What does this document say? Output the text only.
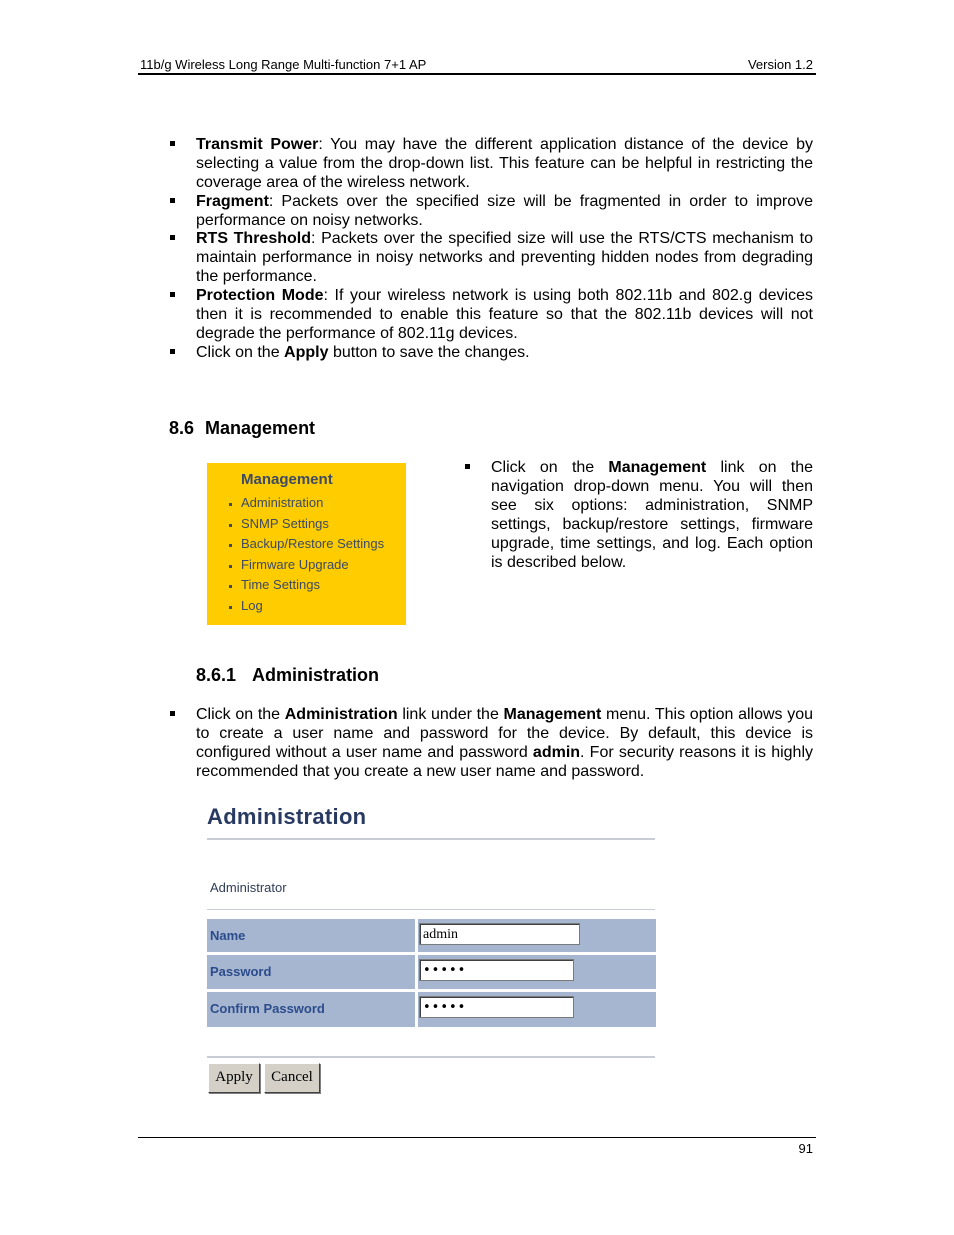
11b/g Wireless Long Range Multi-function 7+1 AP	Version 1.2
Transmit Power: You may have the different application distance of the device by selecting a value from the drop-down list. This feature can be helpful in restricting the coverage area of the wireless network.
Fragment: Packets over the specified size will be fragmented in order to improve performance on noisy networks.
RTS Threshold: Packets over the specified size will use the RTS/CTS mechanism to maintain performance in noisy networks and preventing hidden nodes from degrading the performance.
Protection Mode: If your wireless network is using both 802.11b and 802.g devices then it is recommended to enable this feature so that the 802.11b devices will not degrade the performance of 802.11g devices.
Click on the Apply button to save the changes.
8.6 Management
Management
Administration
SNMP Settings
Backup/Restore Settings
Firmware Upgrade
Time Settings
Log
Click on the Management link on the
navigation drop-down menu. You will then
see six options: administration, SNMP
settings, backup/restore settings, firmware
upgrade, time settings, and log. Each option
is described below.
8.6.1 Administration
Click on the Administration link under the Management menu. This option allows you to create a user name and password for the device. By default, this device is configured without a user name and password admin. For security reasons it is highly recommended that you create a new user name and password.
Administration
Administrator
Name	admin
Password	•••••
Confirm Password	•••••
Apply	Cancel
91
